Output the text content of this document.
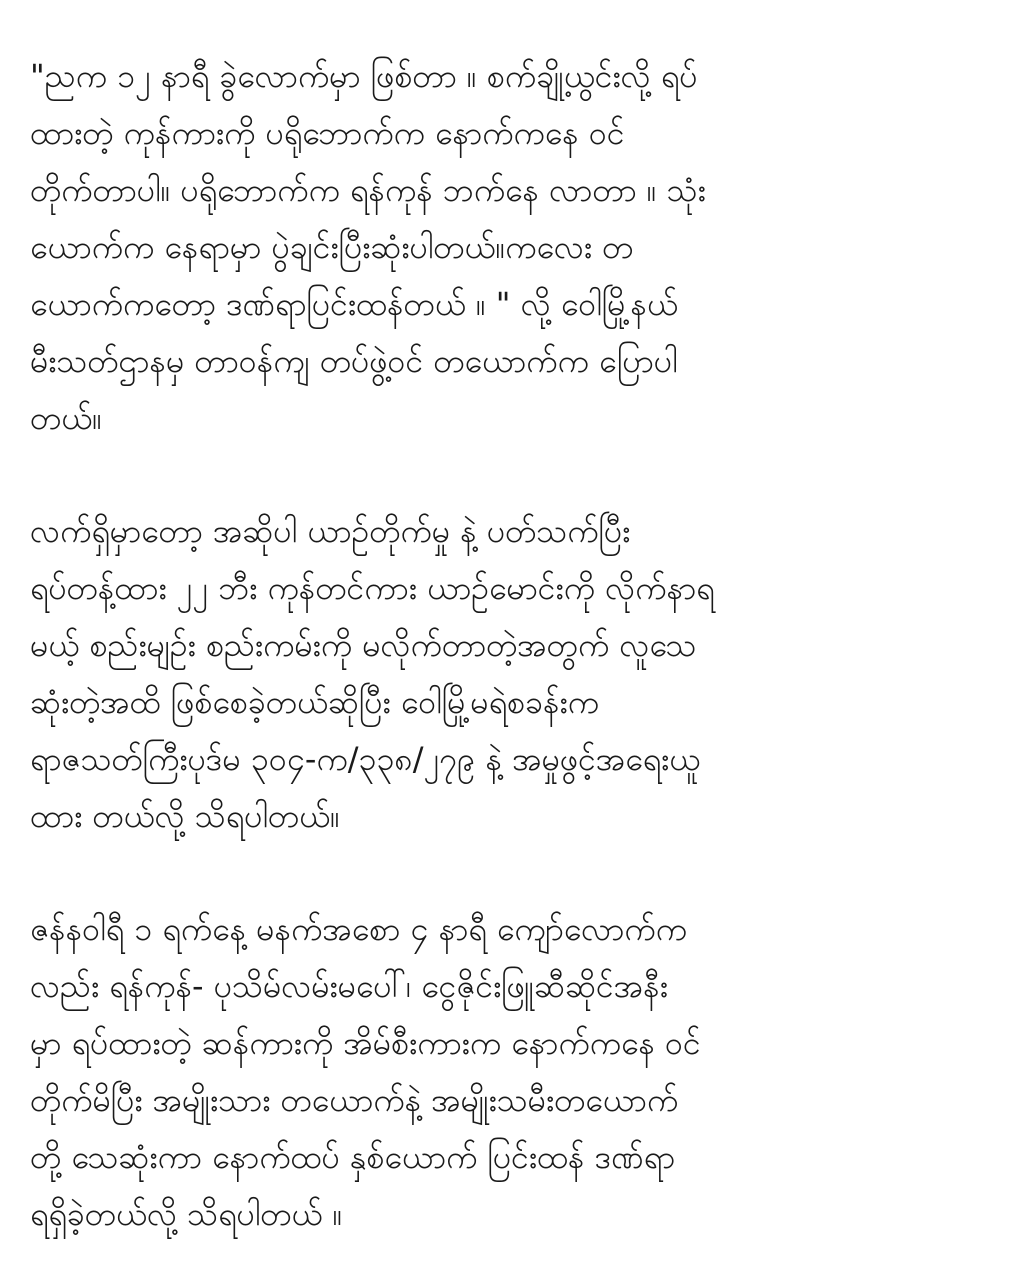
"ညက ၁၂ နာရီ ခွဲလောက်မှာ ဖြစ်တာ ။ စက်ချို့ယွင်းလို့ ရပ်
ထားတဲ့ ကုန်ကားကို ပရိုဘောက်က နောက်ကနေ ဝင်
တိုက်တာပါ။ ပရိုဘောက်က ရန်ကုန် ဘက်နေ လာတာ ။ သုံး
ယောက်က နေရာမှာ ပွဲချင်းပြီးဆုံးပါတယ်။ကလေး တ
ယောက်ကတော့ ဒဏ်ရာပြင်းထန်တယ် ။ " လို့ ဝေါမြို့နယ်
မီးသတ်ဌာနမှ တာဝန်ကျ တပ်ဖွဲ့ဝင် တယောက်က ပြောပါ
တယ်။
လက်ရှိမှာတော့ အဆိုပါ ယာဉ်တိုက်မှု နဲ့ ပတ်သက်ပြီး
ရပ်တန့်ထား ၂၂ ဘီး ကုန်တင်ကား ယာဉ်မောင်းကို လိုက်နာရ
မယ့် စည်းမျဉ်း စည်းကမ်းကို မလိုက်တာတဲ့အတွက် လူသေ
ဆုံးတဲ့အထိ ဖြစ်စေခဲ့တယ်ဆိုပြီး ဝေါမြို့မရဲစခန်းက
ရာဇသတ်ကြီးပုဒ်မ ၃၀၄-က/၃၃၈/၂၇၉ နဲ့ အမှုဖွင့်အရေးယူ
ထား တယ်လို့ သိရပါတယ်။
ဇန်နဝါရီ ၁ ရက်နေ့ မနက်အစော ၄ နာရီ ကျော်လောက်က
လည်း ရန်ကုန်- ပုသိမ်လမ်းမပေါ်၊ ငွေဇိုင်းဖြူဆီဆိုင်အနီး
မှာ ရပ်ထားတဲ့ ဆန်ကားကို အိမ်စီးကားက နောက်ကနေ ဝင်
တိုက်မိပြီး အမျိုးသား တယောက်နဲ့ အမျိုးသမီးတယောက်
တို့ သေဆုံးကာ နောက်ထပ် နှစ်ယောက် ပြင်းထန် ဒဏ်ရာ
ရရှိခဲ့တယ်လို့ သိရပါတယ် ။
